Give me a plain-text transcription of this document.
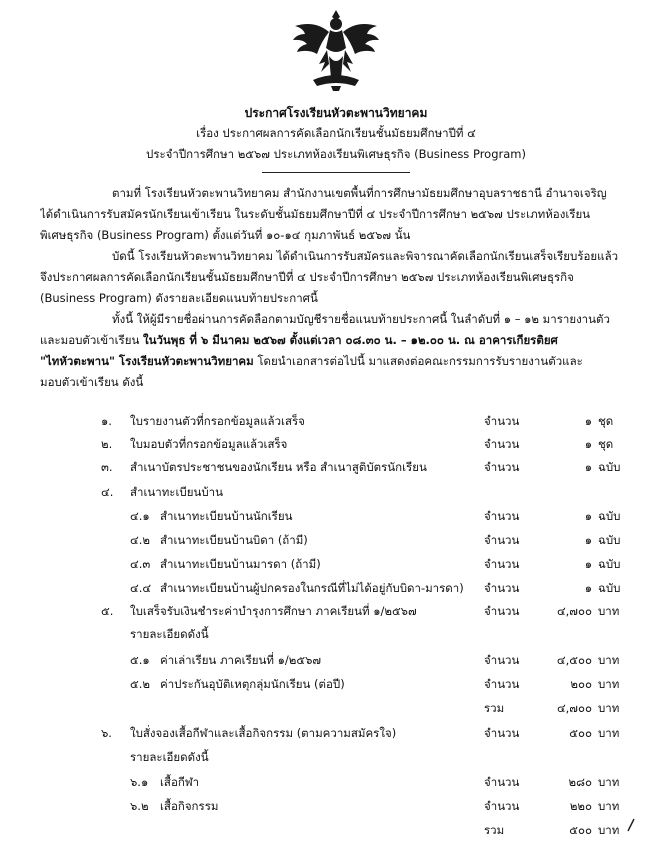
ประกาศโรงเรียนหัวตะพานวิทยาคม
เรื่อง ประกาศผลการคัดเลือกนักเรียนชั้นมัธยมศึกษาปีที่ ๔
ประจำปีการศึกษา ๒๕๖๗ ประเภทห้องเรียนพิเศษธุรกิจ (Business Program)
ตามที่ โรงเรียนหัวตะพานวิทยาคม สำนักงานเขตพื้นที่การศึกษามัธยมศึกษาอุบลราชธานี อำนาจเจริญ
ได้ดำเนินการรับสมัครนักเรียนเข้าเรียน ในระดับชั้นมัธยมศึกษาปีที่ ๔ ประจำปีการศึกษา ๒๕๖๗ ประเภทห้องเรียน
พิเศษธุรกิจ (Business Program) ตั้งแต่วันที่ ๑๐-๑๔ กุมภาพันธ์ ๒๕๖๗ นั้น
บัดนี้ โรงเรียนหัวตะพานวิทยาคม ได้ดำเนินการรับสมัครและพิจารณาคัดเลือกนักเรียนเสร็จเรียบร้อยแล้ว
จึงประกาศผลการคัดเลือกนักเรียนชั้นมัธยมศึกษาปีที่ ๔ ประจำปีการศึกษา ๒๕๖๗ ประเภทห้องเรียนพิเศษธุรกิจ
(Business Program) ดังรายละเอียดแนบท้ายประกาศนี้
ทั้งนี้ ให้ผู้มีรายชื่อผ่านการคัดลือกตามบัญชีรายชื่อแนบท้ายประกาศนี้ ในลำดับที่ ๑ – ๑๒ มารายงานตัว
และมอบตัวเข้าเรียน ในวันพุธ ที่ ๖ มีนาคม ๒๕๖๗ ตั้งแต่เวลา ๐๘.๓๐ น. – ๑๒.๐๐ น. ณ อาคารเกียรติยศ
"ไทหัวตะพาน" โรงเรียนหัวตะพานวิทยาคม โดยนำเอกสารต่อไปนี้ มาแสดงต่อคณะกรรมการรับรายงานตัวและ
มอบตัวเข้าเรียน ดังนี้
๑. ใบรายงานตัวที่กรอกข้อมูลแล้วเสร็จ	จำนวน	๑ ชุด
๒. ใบมอบตัวที่กรอกข้อมูลแล้วเสร็จ	จำนวน	๑ ชุด
๓. สำเนาบัตรประชาชนของนักเรียน หรือ สำเนาสูติบัตรนักเรียน	จำนวน	๑ ฉบับ
๔. สำเนาทะเบียนบ้าน
๔.๑ สำเนาทะเบียนบ้านนักเรียน	จำนวน	๑ ฉบับ
๔.๒ สำเนาทะเบียนบ้านบิดา (ถ้ามี)	จำนวน	๑ ฉบับ
๔.๓ สำเนาทะเบียนบ้านมารดา (ถ้ามี)	จำนวน	๑ ฉบับ
๔.๔ สำเนาทะเบียนบ้านผู้ปกครองในกรณีที่ไม่ได้อยู่กับบิดา-มารดา) จำนวน	๑ ฉบับ
๕. ใบเสร็จรับเงินชำระค่าบำรุงการศึกษา ภาคเรียนที่ ๑/๒๕๖๗	จำนวน	๔,๗๐๐ บาท
รายละเอียดดังนี้
๕.๑ ค่าเล่าเรียน ภาคเรียนที่ ๑/๒๕๖๗	จำนวน	๔,๕๐๐ บาท
๕.๒ ค่าประกันอุบัติเหตุกลุ่มนักเรียน (ต่อปี)	จำนวน	๒๐๐ บาท
รวม	๔,๗๐๐ บาท
๖. ใบสั่งจองเสื้อกีฬาและเสื้อกิจกรรม (ตามความสมัครใจ)	จำนวน	๕๐๐ บาท
รายละเอียดดังนี้
๖.๑ เสื้อกีฬา	จำนวน	๒๘๐ บาท
๖.๒ เสื้อกิจกรรม	จำนวน	๒๒๐ บาท
รวม	๕๐๐ บาท
